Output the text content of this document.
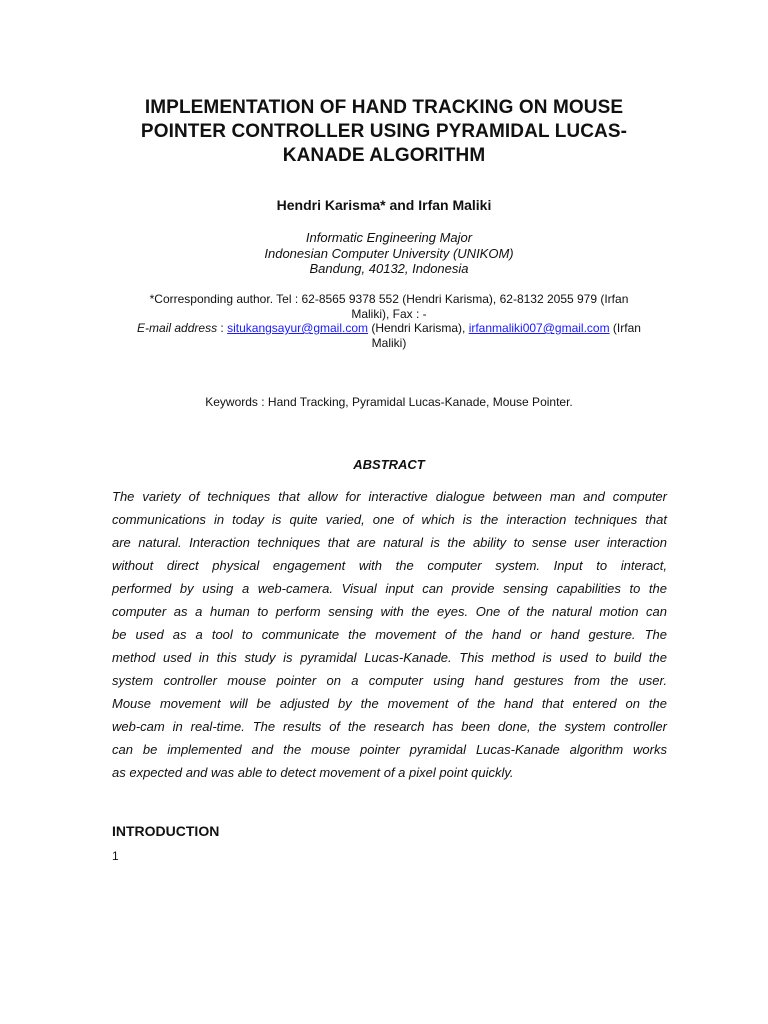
IMPLEMENTATION OF HAND TRACKING ON MOUSE
POINTER CONTROLLER USING PYRAMIDAL LUCAS-
KANADE ALGORITHM
Hendri Karisma* and Irfan Maliki
Informatic Engineering Major
Indonesian Computer University (UNIKOM)
Bandung, 40132, Indonesia
*Corresponding author. Tel : 62-8565 9378 552 (Hendri Karisma), 62-8132 2055 979 (Irfan
Maliki), Fax : -
E-mail address : situkangsayur@gmail.com (Hendri Karisma), irfanmaliki007@gmail.com (Irfan
Maliki)
Keywords : Hand Tracking, Pyramidal Lucas-Kanade, Mouse Pointer.
ABSTRACT
The variety of techniques that allow for interactive dialogue between man and computer
communications in today is quite varied, one of which is the interaction techniques that
are natural. Interaction techniques that are natural is the ability to sense user interaction
without direct physical engagement with the computer system. Input to interact,
performed by using a web-camera. Visual input can provide sensing capabilities to the
computer as a human to perform sensing with the eyes. One of the natural motion can
be used as a tool to communicate the movement of the hand or hand gesture. The
method used in this study is pyramidal Lucas-Kanade. This method is used to build the
system controller mouse pointer on a computer using hand gestures from the user.
Mouse movement will be adjusted by the movement of the hand that entered on the
web-cam in real-time. The results of the research has been done, the system controller
can be implemented and the mouse pointer pyramidal Lucas-Kanade algorithm works
as expected and was able to detect movement of a pixel point quickly.
INTRODUCTION
1
